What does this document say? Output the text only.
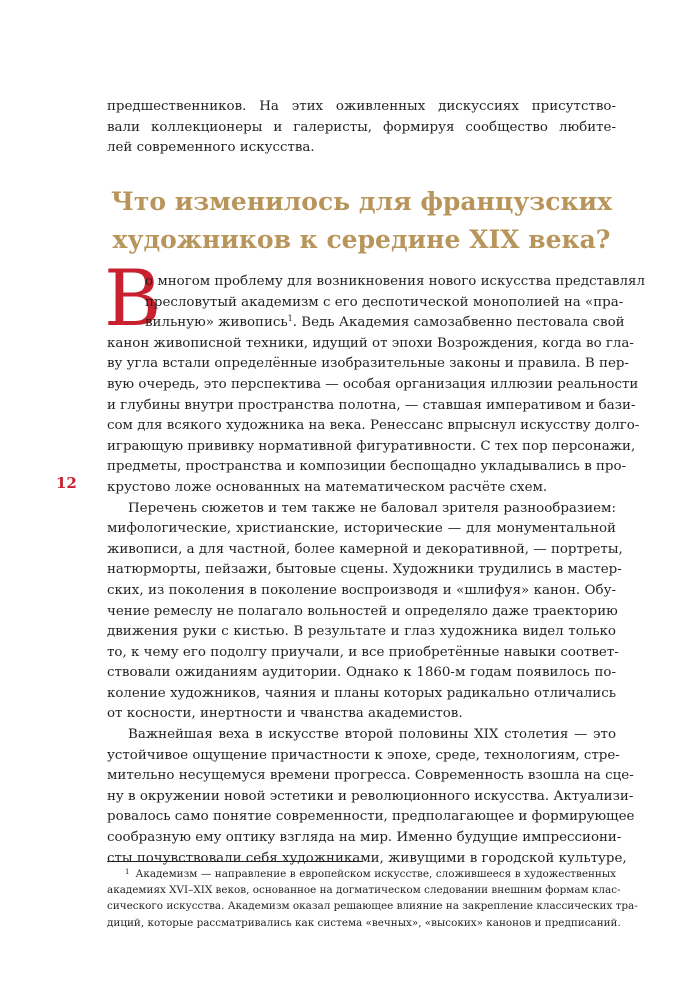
предшественников. На этих оживленных дискуссиях присутство-
вали коллекционеры и галеристы, формируя сообщество любите-
лей современного искусства.
Что изменилось для французских
художников к середине XIX века?
В
о многом проблему для возникновения нового искусства представлял
пресловутый академизм с его деспотической монополией на «пра-
вильную» живопись$^1$. Ведь Академия самозабвенно пестовала свой
канон живописной техники, идущий от эпохи Возрождения, когда во гла-
ву угла встали определённые изобразительные законы и правила. В пер-
вую очередь, это перспектива — особая организация иллюзии реальности
и глубины внутри пространства полотна, — ставшая императивом и бази-
сом для всякого художника на века. Ренессанс впрыснул искусству долго-
играющую прививку нормативной фигуративности. С тех пор персонажи,
предметы, пространства и композиции беспощадно укладывались в про-
крустово ложе основанных на математическом расчёте схем.
Перечень сюжетов и тем также не баловал зрителя разнообразием:
мифологические, христианские, исторические — для монументальной
живописи, а для частной, более камерной и декоративной, — портреты,
натюрморты, пейзажи, бытовые сцены. Художники трудились в мастер-
ских, из поколения в поколение воспроизводя и «шлифуя» канон. Обу-
чение ремеслу не полагало вольностей и определяло даже траекторию
движения руки с кистью. В результате и глаз художника видел только
то, к чему его подолгу приучали, и все приобретённые навыки соответ-
ствовали ожиданиям аудитории. Однако к 1860-м годам появилось по-
коление художников, чаяния и планы которых радикально отличались
от косности, инертности и чванства академистов.
Важнейшая веха в искусстве второй половины XIX столетия — это
устойчивое ощущение причастности к эпохе, среде, технологиям, стре-
мительно несущемуся времени прогресса. Современность взошла на сце-
ну в окружении новой эстетики и революционного искусства. Актуализи-
ровалось само понятие современности, предполагающее и формирующее
сообразную ему оптику взгляда на мир. Именно будущие импрессиони-
сты почувствовали себя художниками, живущими в городской культуре,
12
$^1$ Академизм — направление в европейском искусстве, сложившееся в художественных
академиях XVI–XIX веков, основанное на догматическом следовании внешним формам клас-
сического искусства. Академизм оказал решающее влияние на закрепление классических тра-
диций, которые рассматривались как система «вечных», «высоких» канонов и предписаний.
